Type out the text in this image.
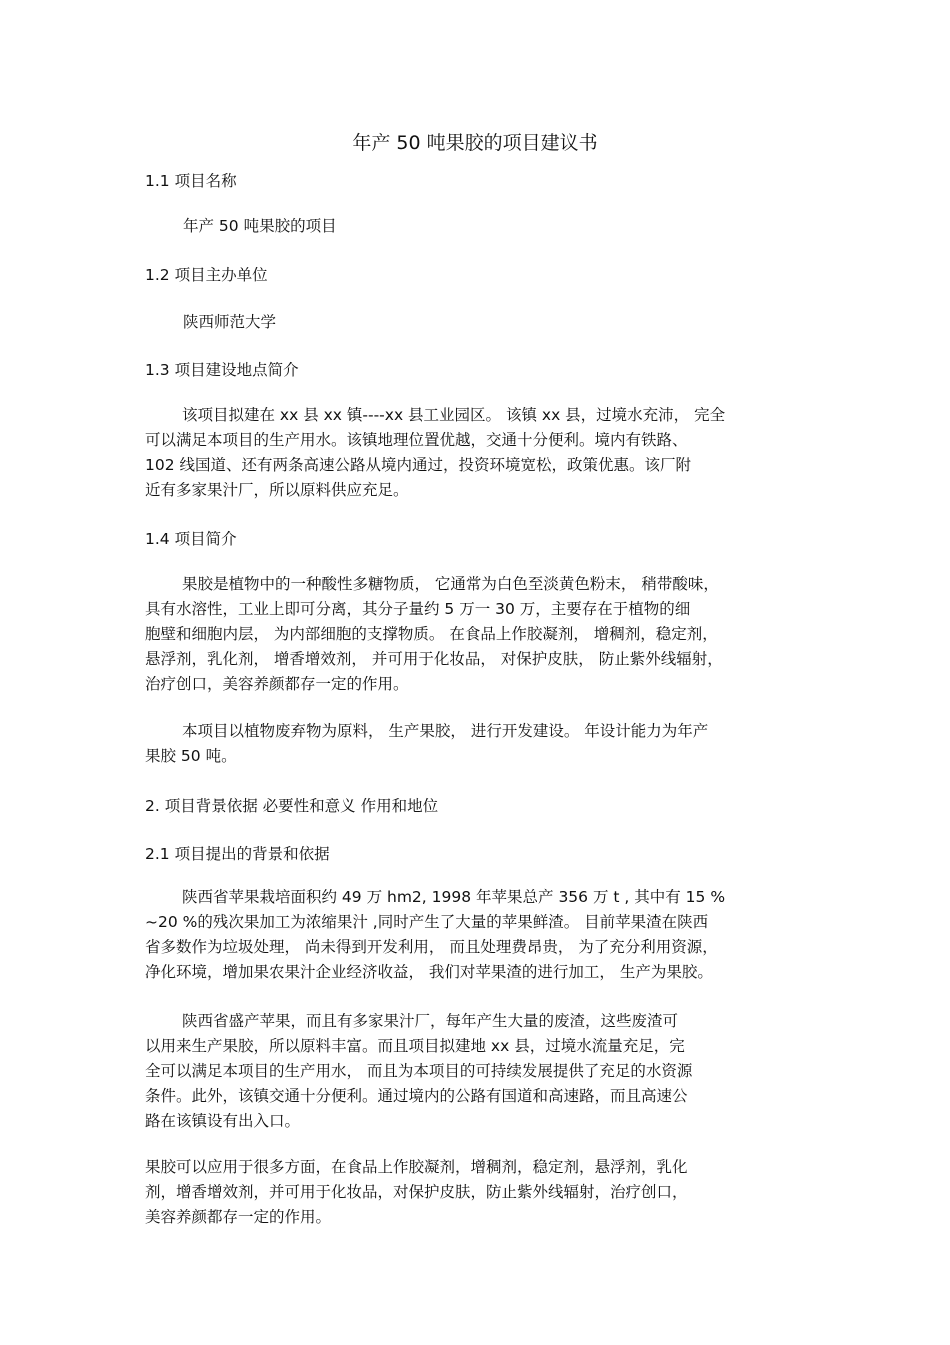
年产 50 吨果胶的项目建议书
1.1 项目名称
年产 50 吨果胶的项目
1.2 项目主办单位
陕西师范大学
1.3 项目建设地点简介
该项目拟建在 xx 县 xx 镇----xx 县工业园区。 该镇 xx 县，过境水充沛， 完全
可以满足本项目的生产用水。该镇地理位置优越，交通十分便利。境内有铁路、
102 线国道、还有两条高速公路从境内通过，投资环境宽松，政策优惠。该厂附
近有多家果汁厂，所以原料供应充足。
1.4 项目简介
果胶是植物中的一种酸性多糖物质， 它通常为白色至淡黄色粉末， 稍带酸味，
具有水溶性，工业上即可分离，其分子量约 5 万一 30 万，主要存在于植物的细
胞壁和细胞内层， 为内部细胞的支撑物质。 在食品上作胶凝剂， 增稠剂，稳定剂，
悬浮剂，乳化剂， 增香增效剂， 并可用于化妆品， 对保护皮肤， 防止紫外线辐射，
治疗创口，美容养颜都存一定的作用。
本项目以植物废弃物为原料， 生产果胶， 进行开发建设。 年设计能力为年产
果胶 50 吨。
2. 项目背景依据 必要性和意义 作用和地位
2.1 项目提出的背景和依据
陕西省苹果栽培面积约 49 万 hm2, 1998 年苹果总产 356 万 t , 其中有 15 %
~20 %的残次果加工为浓缩果汁 ,同时产生了大量的苹果鲜渣。 目前苹果渣在陕西
省多数作为垃圾处理， 尚未得到开发利用， 而且处理费昂贵， 为了充分利用资源，
净化环境，增加果农果汁企业经济收益， 我们对苹果渣的进行加工， 生产为果胶。
陕西省盛产苹果，而且有多家果汁厂，每年产生大量的废渣，这些废渣可
以用来生产果胶，所以原料丰富。而且项目拟建地 xx 县，过境水流量充足，完
全可以满足本项目的生产用水， 而且为本项目的可持续发展提供了充足的水资源
条件。此外，该镇交通十分便利。通过境内的公路有国道和高速路，而且高速公
路在该镇设有出入口。
果胶可以应用于很多方面，在食品上作胶凝剂，增稠剂，稳定剂，悬浮剂，乳化
剂，增香增效剂，并可用于化妆品，对保护皮肤，防止紫外线辐射，治疗创口，
美容养颜都存一定的作用。
